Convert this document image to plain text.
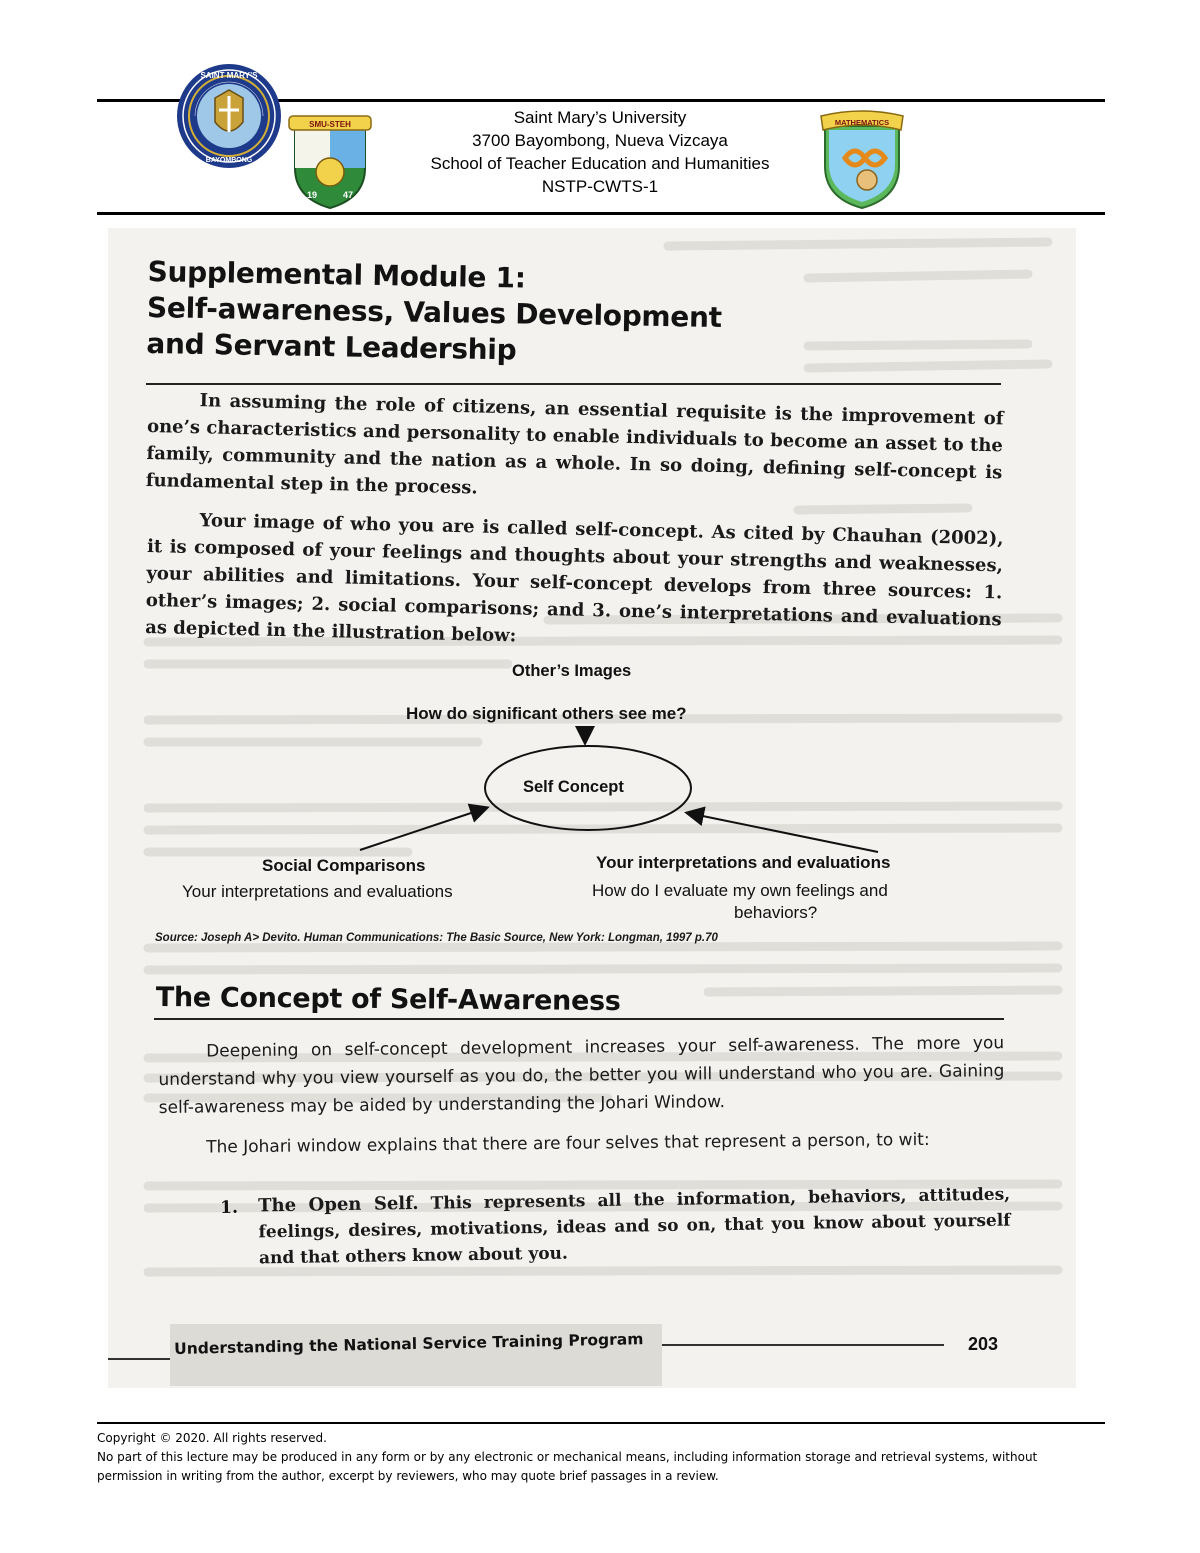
SAINT MARY’S
BAYOMBONG
SMU-STEH
19	47
MATHEMATICS
Saint Mary’s University
3700 Bayombong, Nueva Vizcaya
School of Teacher Education and Humanities
NSTP-CWTS-1
Supplemental Module 1:
Self-awareness, Values Development
and Servant Leadership
In assuming the role of citizens, an essential requisite is the improvement of one’s characteristics and personality to enable individuals to become an asset to the family, community and the nation as a whole. In so doing, defining self-concept is fundamental step in the process.
Your image of who you are is called self-concept. As cited by Chauhan (2002), it is composed of your feelings and thoughts about your strengths and weaknesses, your abilities and limitations. Your self-concept develops from three sources: 1. other’s images; 2. social comparisons; and 3. one’s interpretations and evaluations as depicted in the illustration below:
Other’s Images
How do significant others see me?
Self Concept
Social Comparisons
Your interpretations and evaluations
Your interpretations and evaluations
How do I evaluate my own feelings and
behaviors?
Source: Joseph A> Devito. Human Communications: The Basic Source, New York: Longman, 1997 p.70
The Concept of Self-Awareness
Deepening on self-concept development increases your self-awareness. The more you understand why you view yourself as you do, the better you will understand who you are. Gaining self-awareness may be aided by understanding the Johari Window.
The Johari window explains that there are four selves that represent a person, to wit:
1. The Open Self. This represents all the information, behaviors, attitudes, feelings, desires, motivations, ideas and so on, that you know about yourself and that others know about you.
Understanding the National Service Training Program	203
Copyright © 2020. All rights reserved.
No part of this lecture may be produced in any form or by any electronic or mechanical means, including information storage and retrieval systems, without permission in writing from the author, excerpt by reviewers, who may quote brief passages in a review.
